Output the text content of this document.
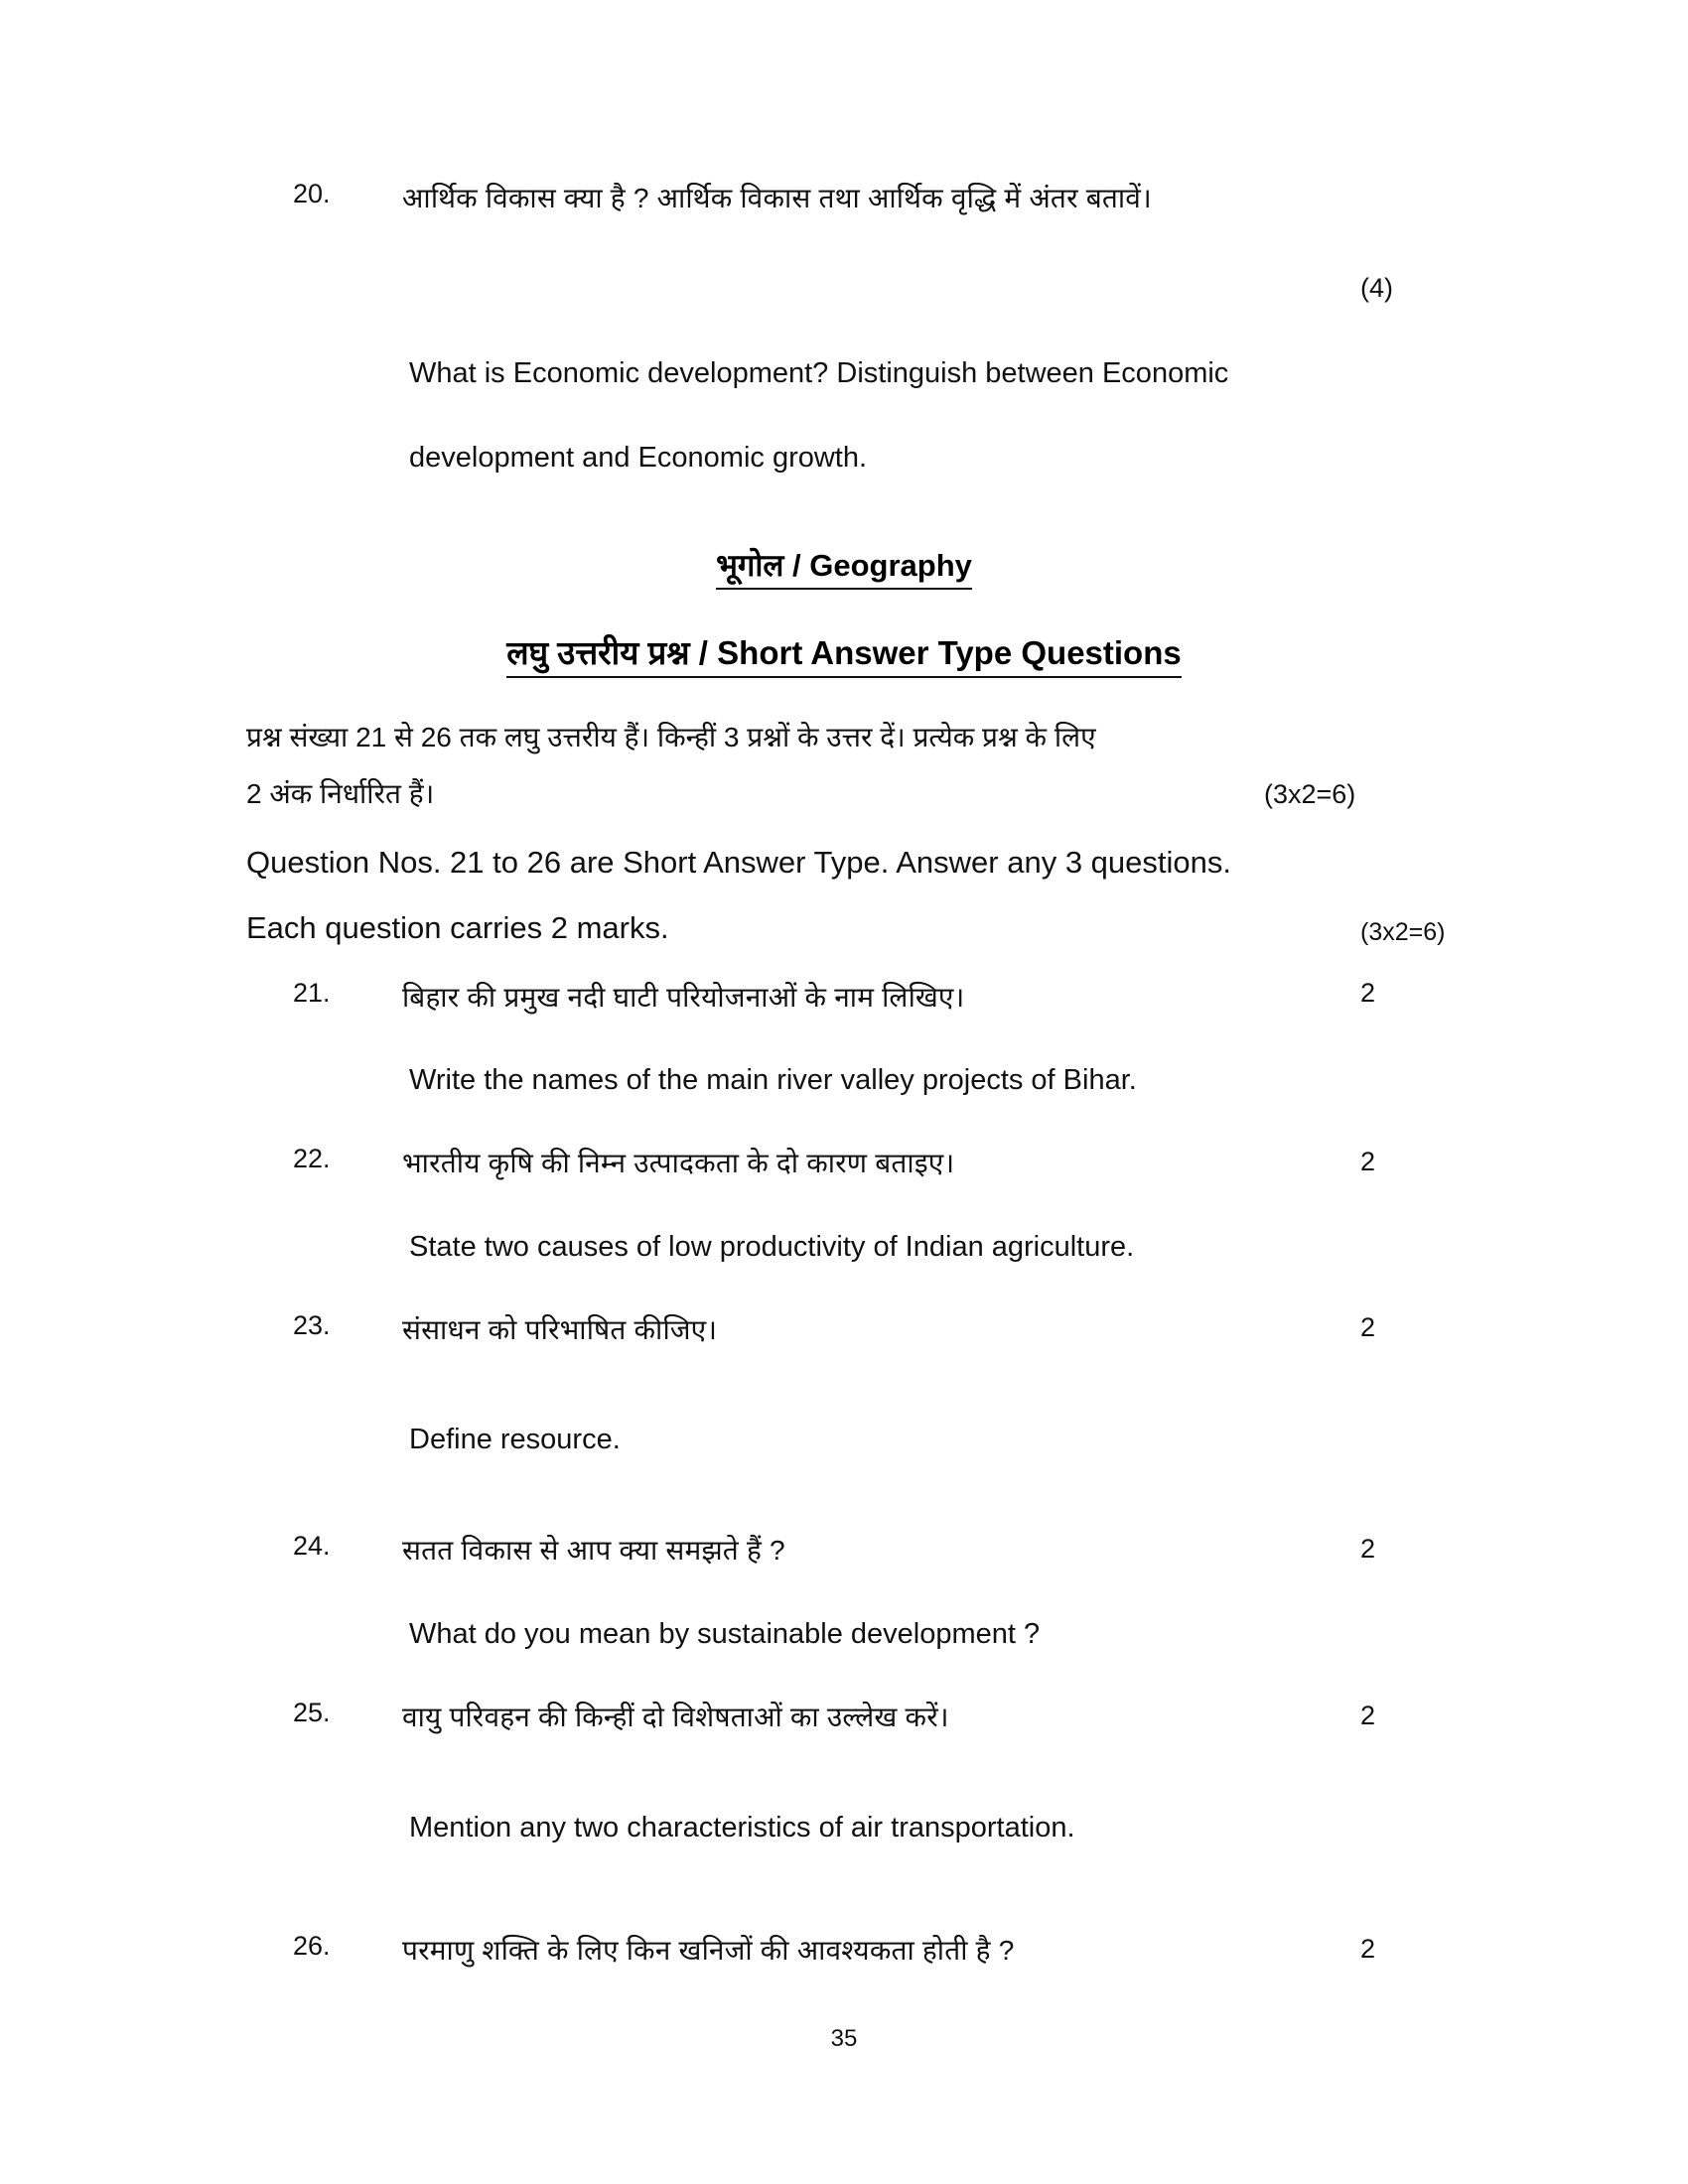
20.	आर्थिक विकास क्या है ? आर्थिक विकास तथा आर्थिक वृद्धि में अंतर बतावें।
(4)
What is Economic development? Distinguish between Economic
development and Economic growth.
भूगोल / Geography
लघु उत्तरीय प्रश्न / Short Answer Type Questions
प्रश्न संख्या 21 से 26 तक लघु उत्तरीय हैं। किन्हीं 3 प्रश्नों के उत्तर दें। प्रत्येक प्रश्न के लिए
2 अंक निर्धारित हैं।	(3x2=6)
Question Nos. 21 to 26 are Short Answer Type. Answer any 3 questions.
Each question carries 2 marks.	(3x2=6)
21.	बिहार की प्रमुख नदी घाटी परियोजनाओं के नाम लिखिए।	2
Write the names of the main river valley projects of Bihar.
22.	भारतीय कृषि की निम्न उत्पादकता के दो कारण बताइए।	2
State two causes of low productivity of Indian agriculture.
23.	संसाधन को परिभाषित कीजिए।	2
Define resource.
24.	सतत विकास से आप क्या समझते हैं ?	2
What do you mean by sustainable development ?
25.	वायु परिवहन की किन्हीं दो विशेषताओं का उल्लेख करें।	2
Mention any two characteristics of air transportation.
26.	परमाणु शक्ति के लिए किन खनिजों की आवश्यकता होती है ?	2
35
